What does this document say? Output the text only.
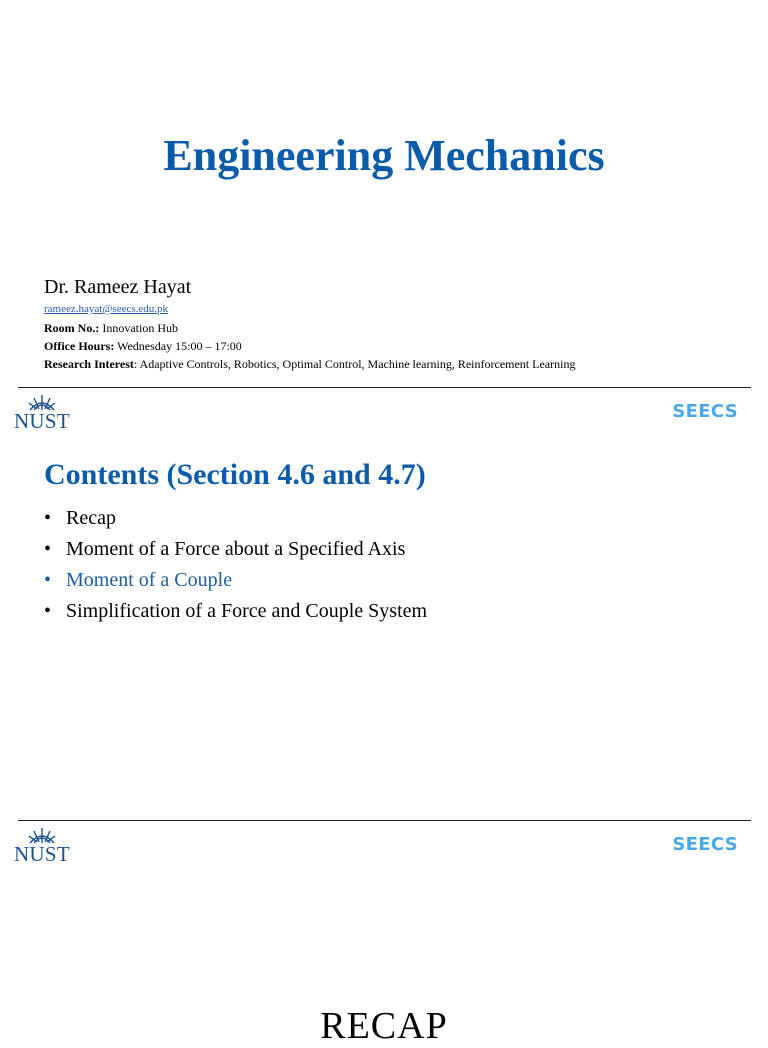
Engineering Mechanics
Dr. Rameez Hayat
rameez.hayat@seecs.edu.pk
Room No.: Innovation Hub
Office Hours: Wednesday 15:00 – 17:00
Research Interest: Adaptive Controls, Robotics, Optimal Control, Machine learning, Reinforcement Learning
NUST	SEECS
Contents (Section 4.6 and 4.7)
• Recap
• Moment of a Force about a Specified Axis
• Moment of a Couple
• Simplification of a Force and Couple System
NUST	SEECS
RECAP
